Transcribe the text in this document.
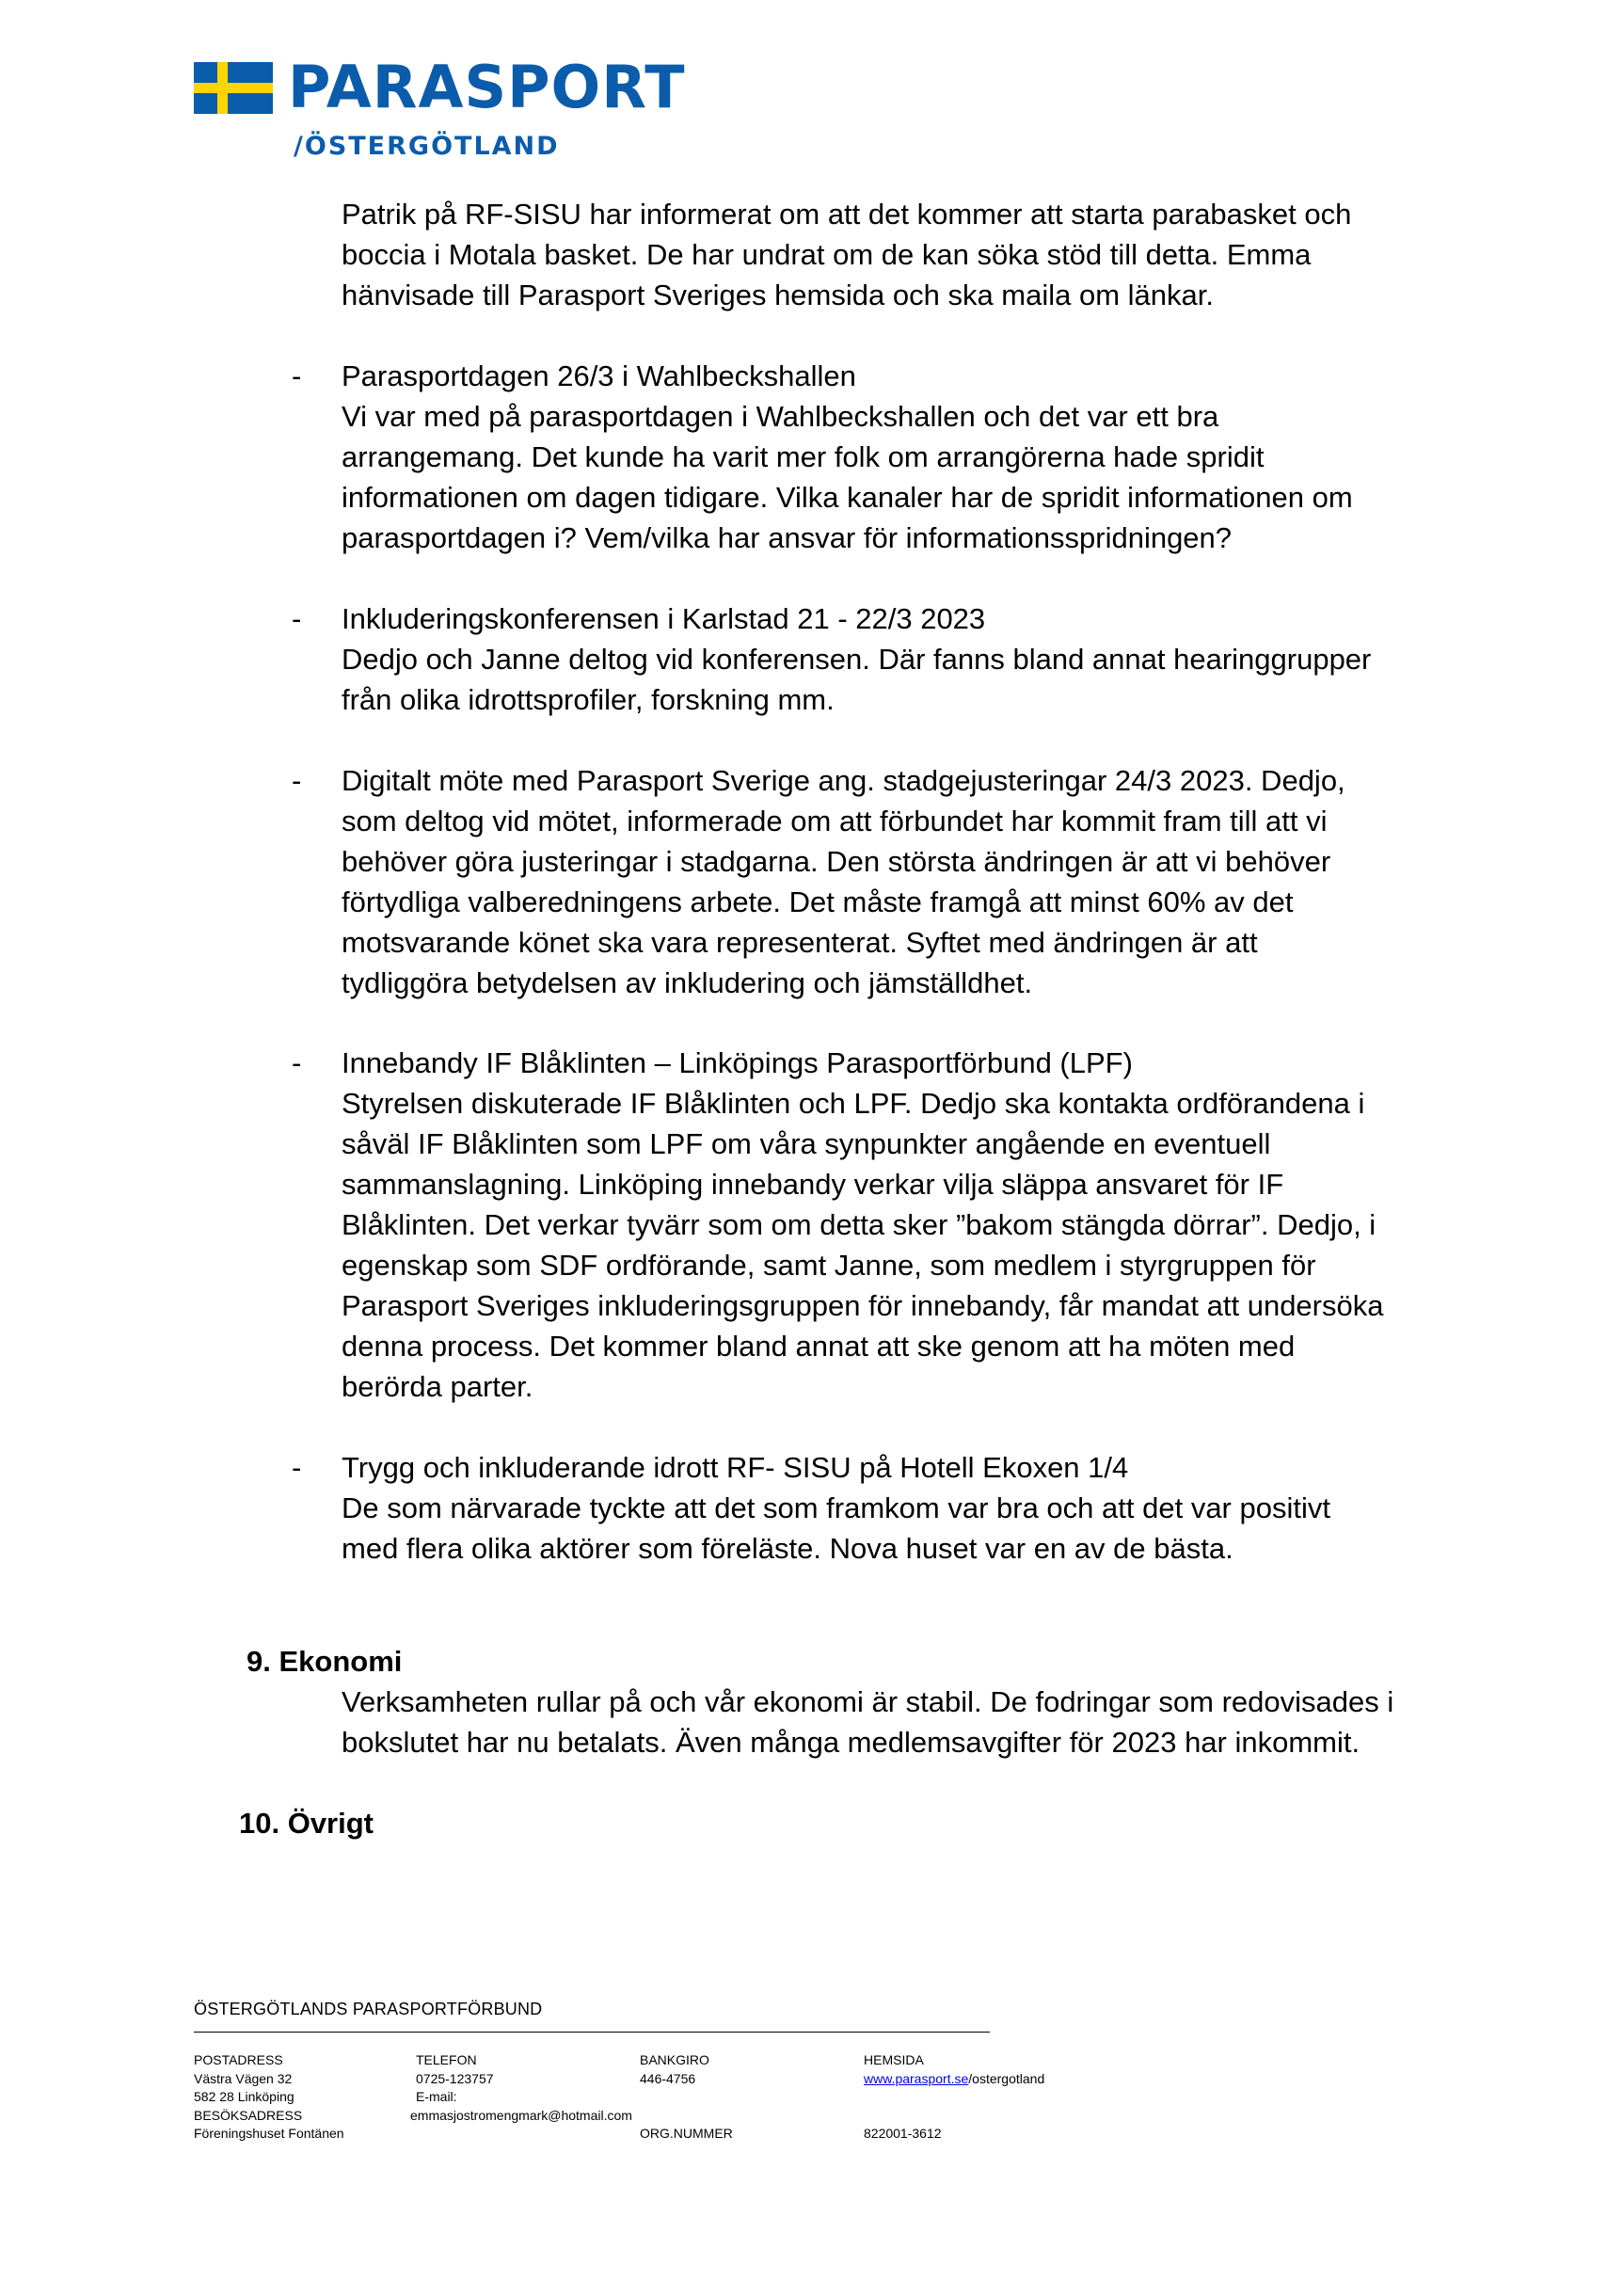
PARASPORT
/ÖSTERGÖTLAND
Patrik på RF-SISU har informerat om att det kommer att starta parabasket och
boccia i Motala basket. De har undrat om de kan söka stöd till detta. Emma
hänvisade till Parasport Sveriges hemsida och ska maila om länkar.
- Parasportdagen 26/3 i Wahlbeckshallen

Vi var med på parasportdagen i Wahlbeckshallen och det var ett bra

arrangemang. Det kunde ha varit mer folk om arrangörerna hade spridit

informationen om dagen tidigare. Vilka kanaler har de spridit informationen om

parasportdagen i? Vem/vilka har ansvar för informationsspridningen?

- Inkluderingskonferensen i Karlstad 21 - 22/3 2023

Dedjo och Janne deltog vid konferensen. Där fanns bland annat hearinggrupper

från olika idrottsprofiler, forskning mm.

- Digitalt möte med Parasport Sverige ang. stadgejusteringar 24/3 2023. Dedjo,

som deltog vid mötet, informerade om att förbundet har kommit fram till att vi

behöver göra justeringar i stadgarna. Den största ändringen är att vi behöver

förtydliga valberedningens arbete. Det måste framgå att minst 60% av det

motsvarande könet ska vara representerat. Syftet med ändringen är att

tydliggöra betydelsen av inkludering och jämställdhet.

- Innebandy IF Blåklinten – Linköpings Parasportförbund (LPF)

Styrelsen diskuterade IF Blåklinten och LPF. Dedjo ska kontakta ordförandena i

såväl IF Blåklinten som LPF om våra synpunkter angående en eventuell

sammanslagning. Linköping innebandy verkar vilja släppa ansvaret för IF

Blåklinten. Det verkar tyvärr som om detta sker ”bakom stängda dörrar”. Dedjo, i

egenskap som SDF ordförande, samt Janne, som medlem i styrgruppen för

Parasport Sveriges inkluderingsgruppen för innebandy, får mandat att undersöka

denna process. Det kommer bland annat att ske genom att ha möten med

berörda parter.

- Trygg och inkluderande idrott RF- SISU på Hotell Ekoxen 1/4

De som närvarade tyckte att det som framkom var bra och att det var positivt

med flera olika aktörer som föreläste. Nova huset var en av de bästa.

9. Ekonomi
Verksamheten rullar på och vår ekonomi är stabil. De fodringar som redovisades i
bokslutet har nu betalats. Även många medlemsavgifter för 2023 har inkommit.
10. Övrigt
ÖSTERGÖTLANDS PARASPORTFÖRBUND
POSTADRESS
Västra Vägen 32
582 28 Linköping
BESÖKSADRESS
Föreningshuset Fontänen
TELEFON
0725-123757
E-mail:
emmasjostromengmark@hotmail.com
BANKGIRO
446-4756

ORG.NUMMER
HEMSIDA
www.parasport.se/ostergotland

822001-3612
